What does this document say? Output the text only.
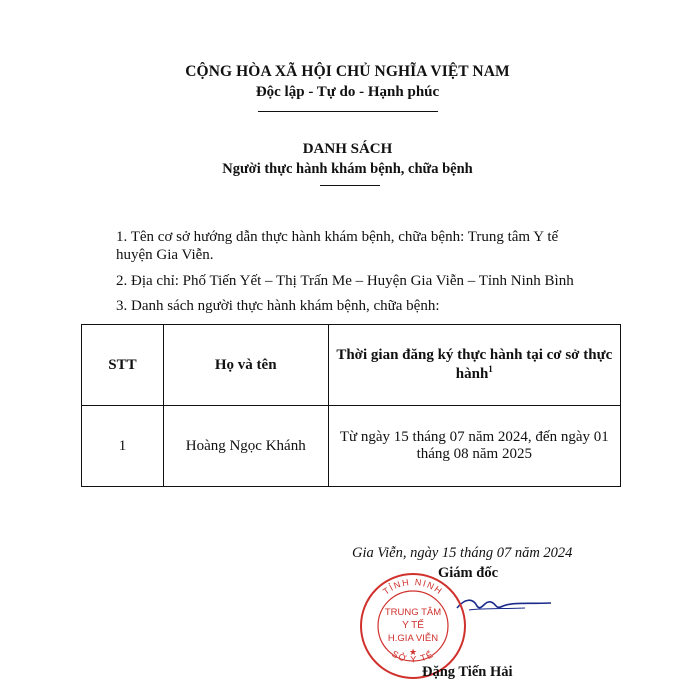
CỘNG HÒA XÃ HỘI CHỦ NGHĨA VIỆT NAM
Độc lập - Tự do - Hạnh phúc
DANH SÁCH
Người thực hành khám bệnh, chữa bệnh
1. Tên cơ sở hướng dẫn thực hành khám bệnh, chữa bệnh: Trung tâm Y tế
huyện Gia Viễn.
2. Địa chỉ: Phố Tiến Yết – Thị Trấn Me – Huyện Gia Viễn – Tỉnh Ninh Bình
3. Danh sách người thực hành khám bệnh, chữa bệnh:
STT	Họ và tên	Thời gian đăng ký thực hành tại cơ sở thực hành$^1$
1	Hoàng Ngọc Khánh	Từ ngày 15 tháng 07 năm 2024, đến ngày 01 tháng 08 năm 2025
Gia Viễn, ngày 15 tháng 07 năm 2024
Giám đốc
TỈNH NINH
SỞ Y TẾ
TRUNG TÂM
Y TẾ
H.GIA VIỄN
★
Đặng Tiến Hải
